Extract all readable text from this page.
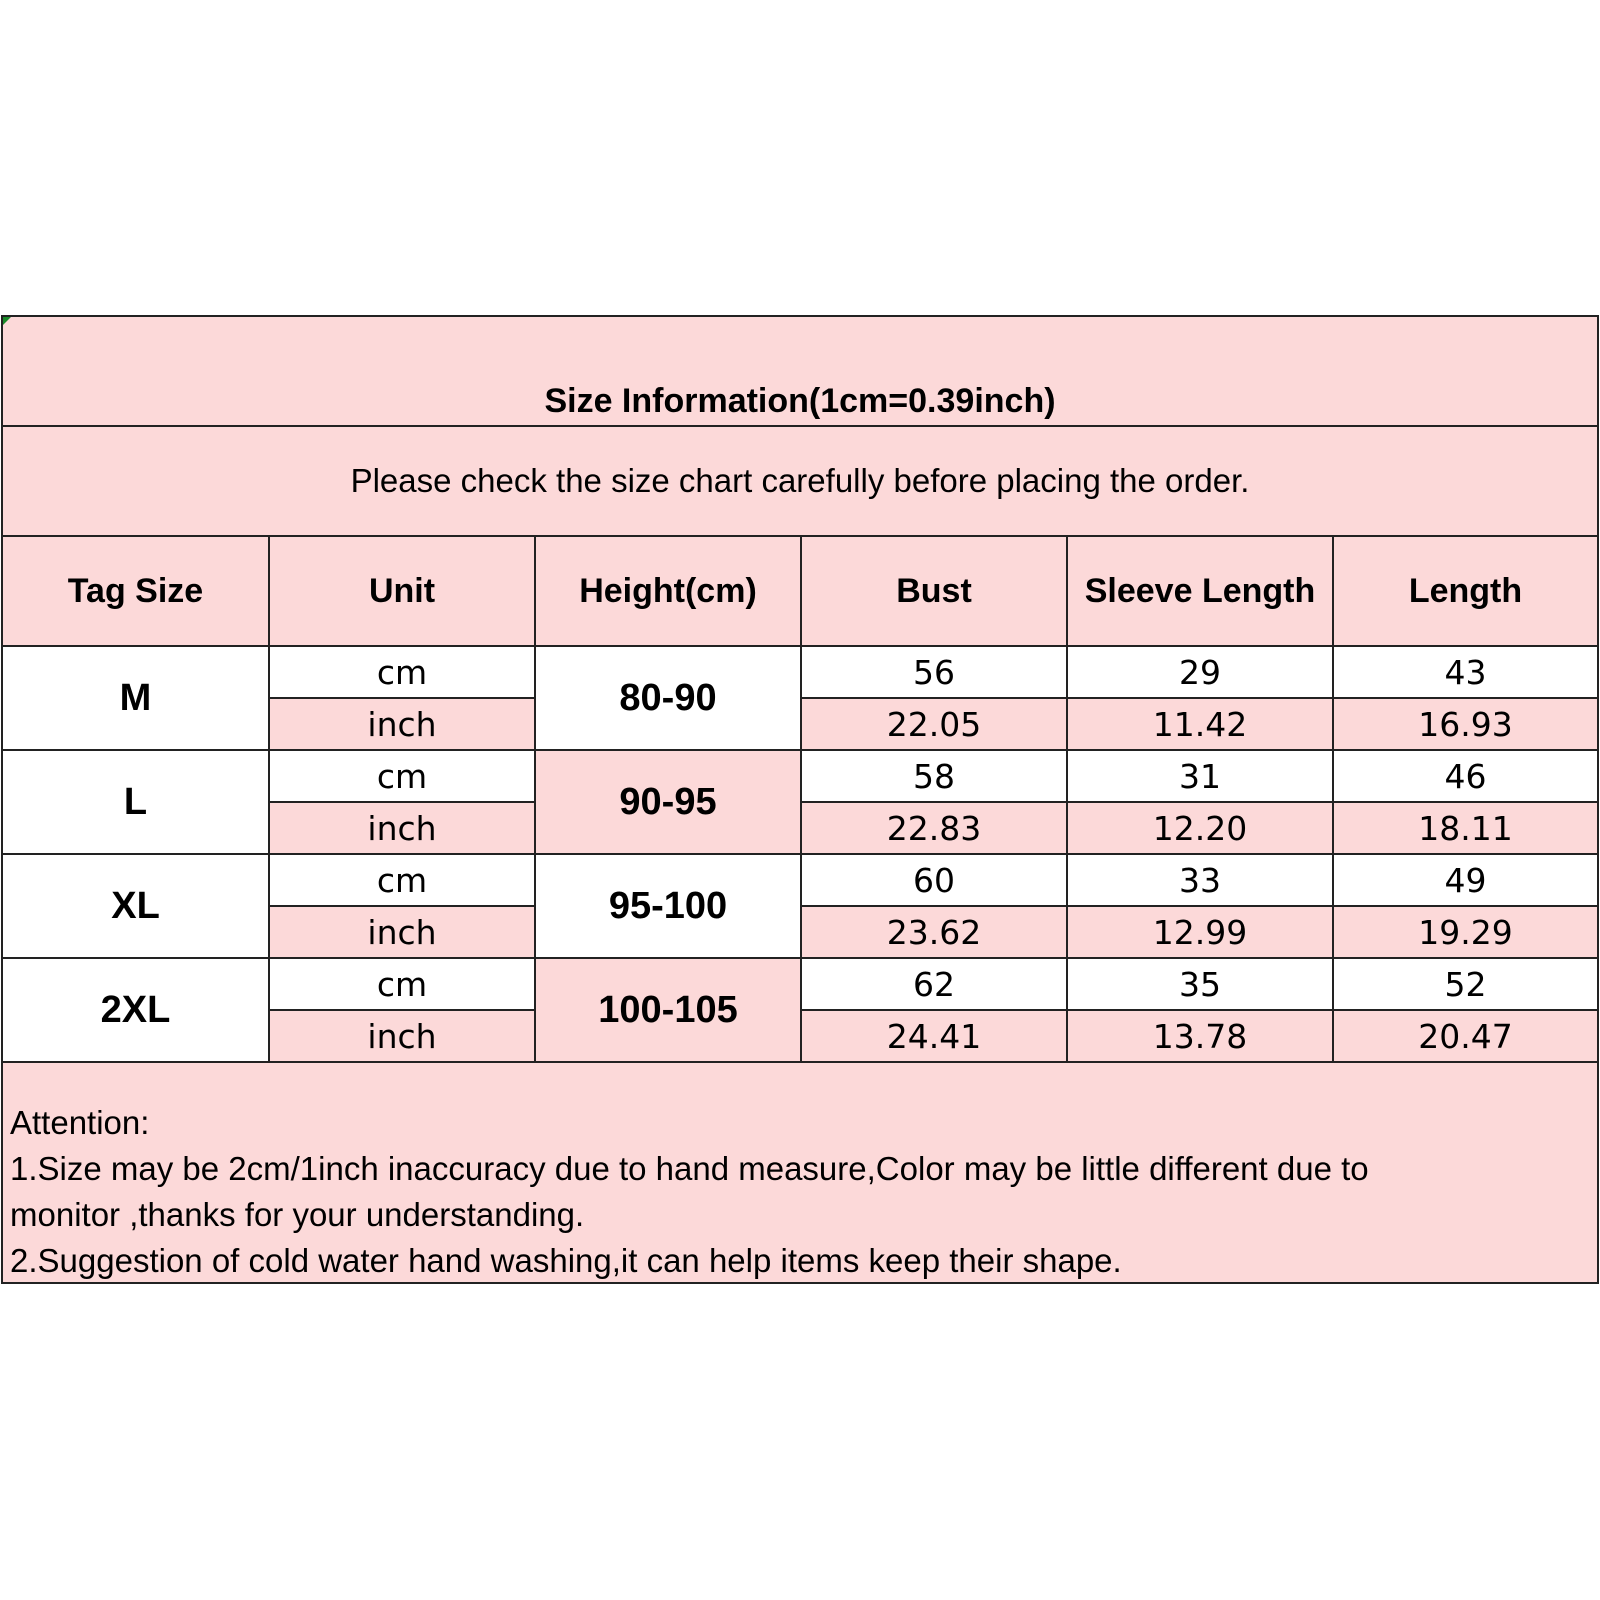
Size Information(1cm=0.39inch)
Please check the size chart carefully before placing the order.
Tag Size	Unit	Height(cm)	Bust	Sleeve Length	Length
M	cm	80-90	56	29	43
	inch		22.05	11.42	16.93
L	cm	90-95	58	31	46
	inch		22.83	12.20	18.11
XL	cm	95-100	60	33	49
	inch		23.62	12.99	19.29
2XL	cm	100-105	62	35	52
	inch		24.41	13.78	20.47
Attention:
1.Size may be 2cm/1inch inaccuracy due to hand measure,Color may be little different due to
monitor ,thanks for your understanding.
2.Suggestion of cold water hand washing,it can help items keep their shape.
